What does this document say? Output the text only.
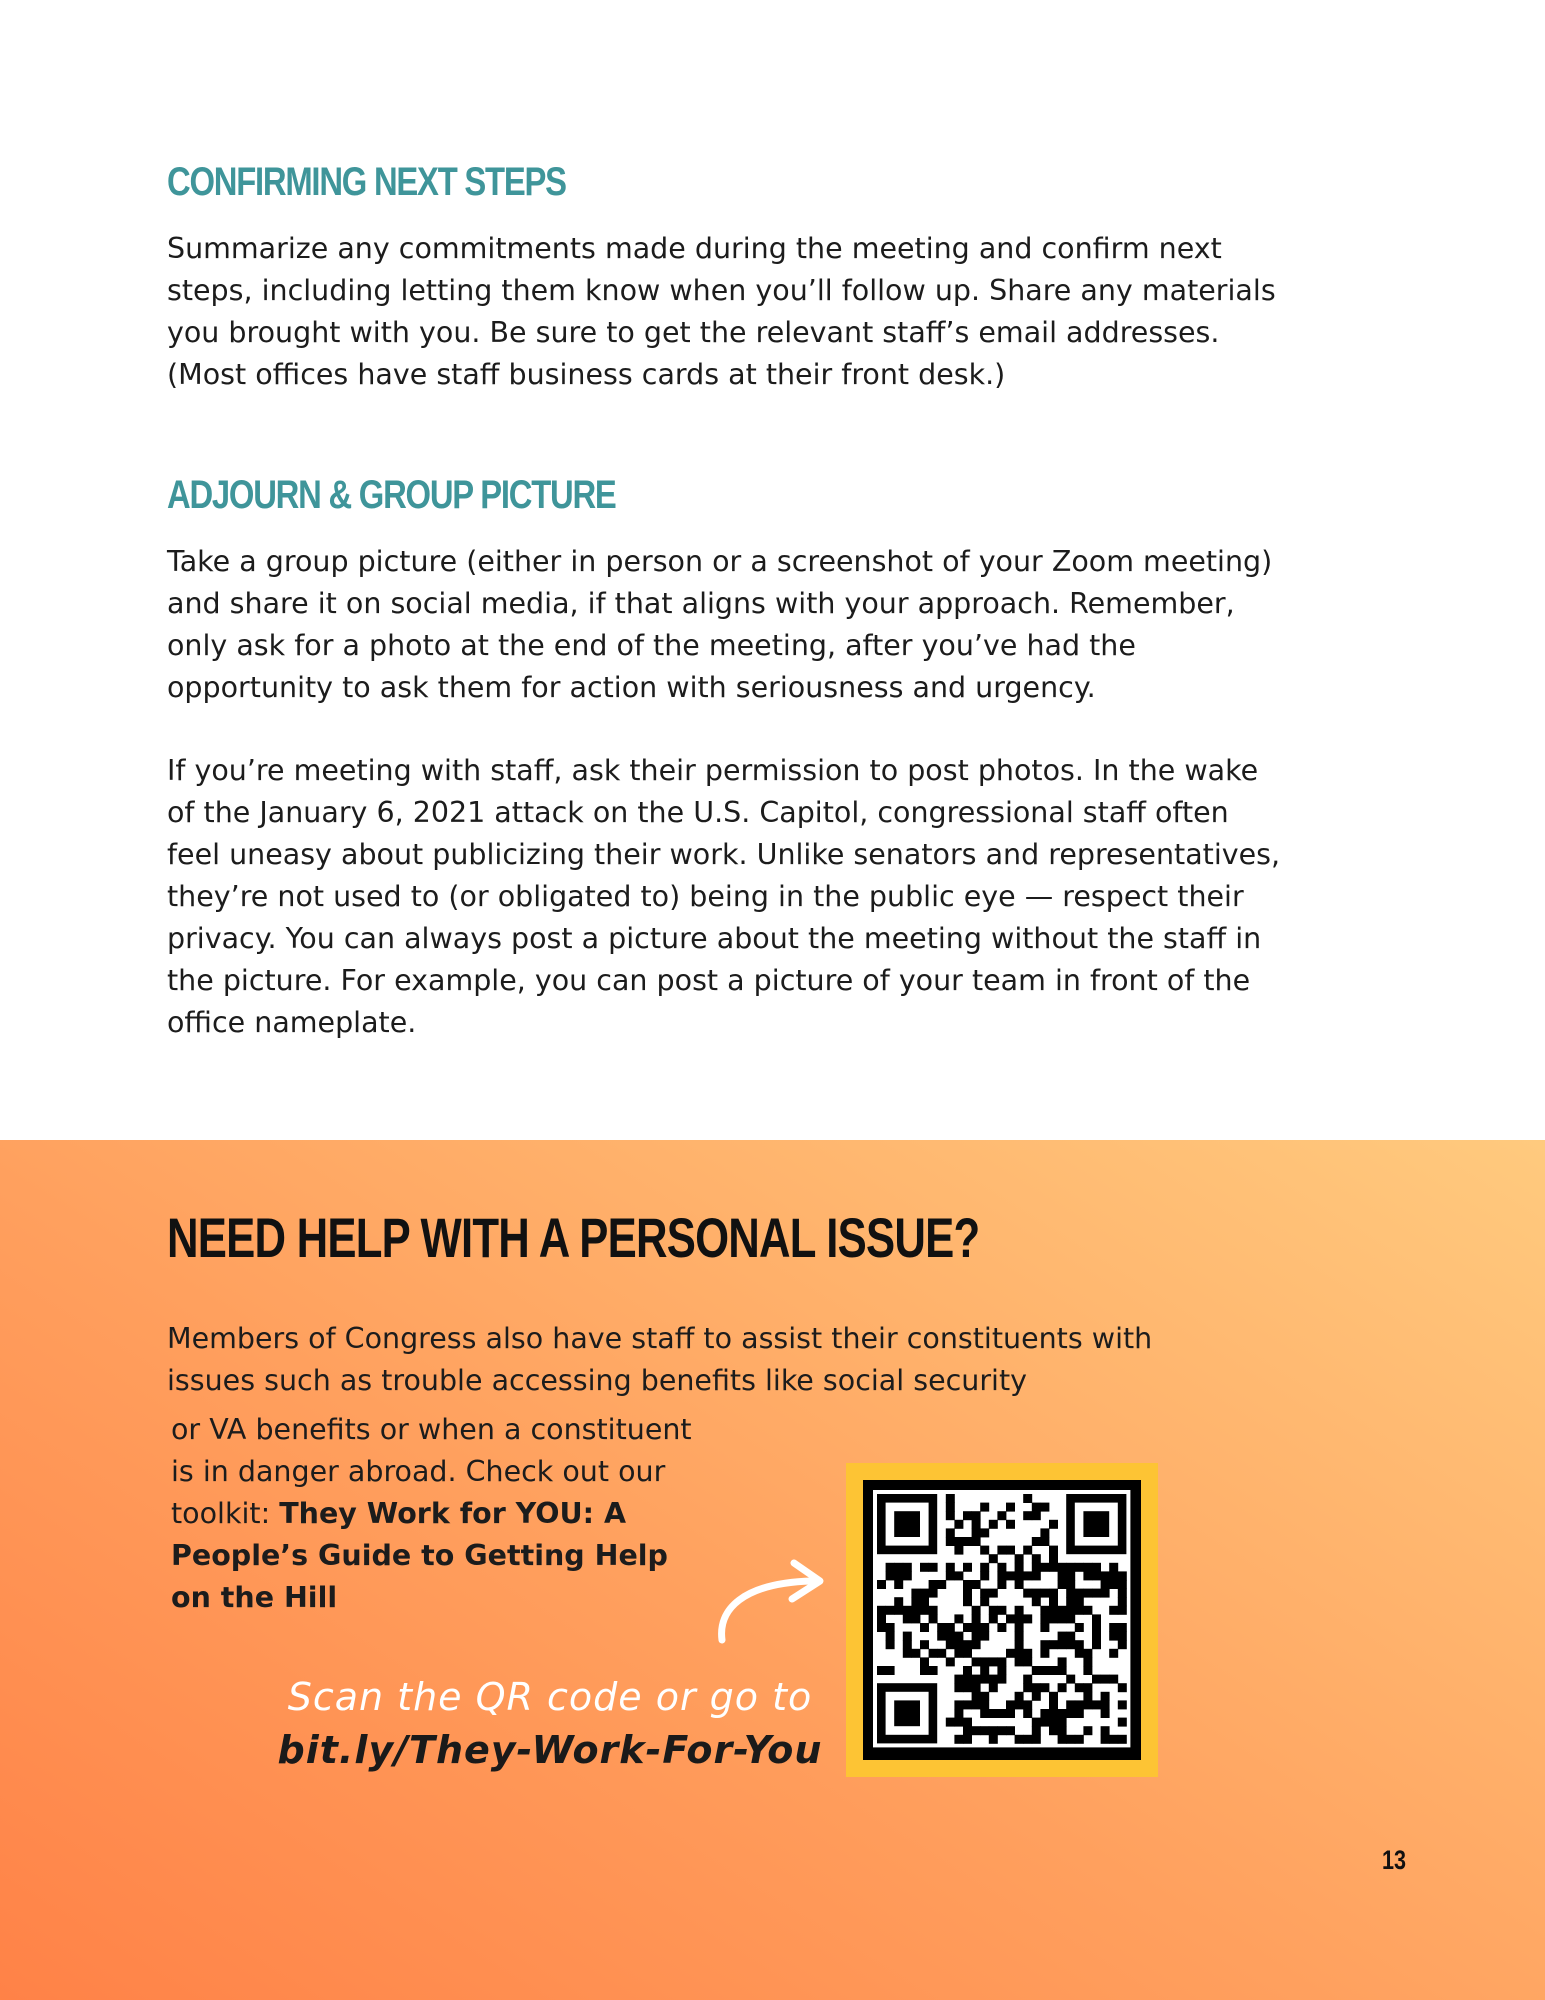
CONFIRMING NEXT STEPS

Summarize any commitments made during the meeting and confirm next steps, including letting them know when you’ll follow up. Share any materials you brought with you. Be sure to get the relevant staff’s email addresses. (Most offices have staff business cards at their front desk.)

ADJOURN & GROUP PICTURE

Take a group picture (either in person or a screenshot of your Zoom meeting) and share it on social media, if that aligns with your approach. Remember, only ask for a photo at the end of the meeting, after you’ve had the opportunity to ask them for action with seriousness and urgency.

If you’re meeting with staff, ask their permission to post photos. In the wake of the January 6, 2021 attack on the U.S. Capitol, congressional staff often feel uneasy about publicizing their work. Unlike senators and representatives, they’re not used to (or obligated to) being in the public eye — respect their privacy. You can always post a picture about the meeting without the staff in the picture. For example, you can post a picture of your team in front of the office nameplate.

NEED HELP WITH A PERSONAL ISSUE?

Members of Congress also have staff to assist their constituents with issues such as trouble accessing benefits like social security

or VA benefits or when a constituent is in danger abroad. Check out our toolkit: They Work for YOU: A People’s Guide to Getting Help on the Hill

Scan the QR code or go to

bit.ly/They-Work-For-You

13
